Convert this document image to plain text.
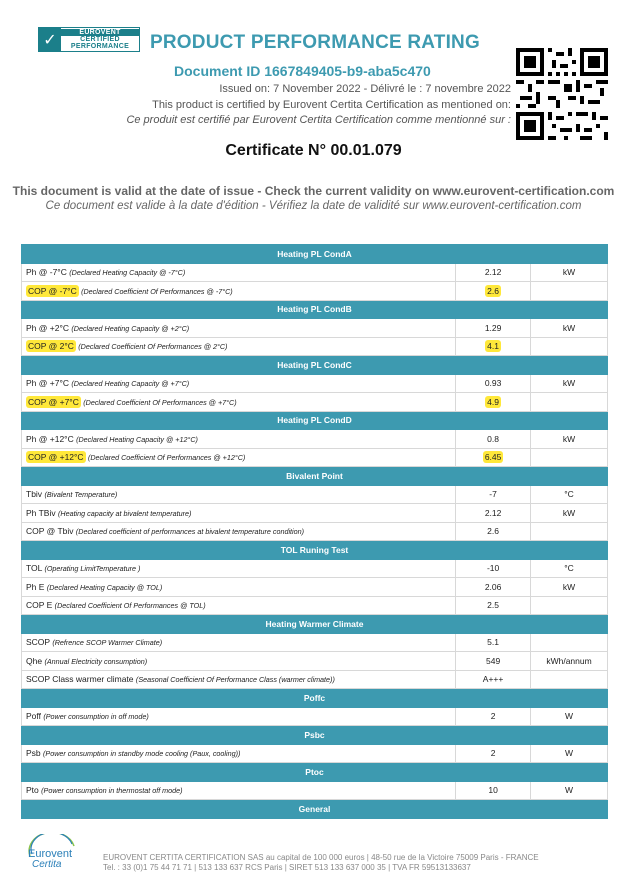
✓	EUROVENT
CERTIFIED
PERFORMANCE	PRODUCT PERFORMANCE RATING
Document ID 1667849405-b9-aba5c470
Issued on: 7 November 2022 - Délivré le : 7 novembre 2022
This product is certified by Eurovent Certita Certification as mentioned on:
Ce produit est certifié par Eurovent Certita Certification comme mentionné sur :
Certificate N° 00.01.079
This document is valid at the date of issue - Check the current validity on www.eurovent-certification.com
Ce document est valide à la date d'édition - Vérifiez la date de validité sur www.eurovent-certification.com
Heating PL CondA		
Ph @ -7°C (Declared Heating Capacity @ -7°C)	2.12	kW
COP @ -7°C (Declared Coefficient Of Performances @ -7°C)	2.6	
Heating PL CondB		
Ph @ +2°C (Declared Heating Capacity @ +2°C)	1.29	kW
COP @ 2°C (Declared Coefficient Of Performances @ 2°C)	4.1	
Heating PL CondC		
Ph @ +7°C (Declared Heating Capacity @ +7°C)	0.93	kW
COP @ +7°C (Declared Coefficient Of Performances @ +7°C)	4.9	
Heating PL CondD		
Ph @ +12°C (Declared Heating Capacity @ +12°C)	0.8	kW
COP @ +12°C (Declared Coefficient Of Performances @ +12°C)	6.45	
Bivalent Point		
Tbiv (Bivalent Temperature)	-7	°C
Ph TBiv (Heating capacity at bivalent temperature)	2.12	kW
COP @ Tbiv (Declared coefficient of performances at bivalent temperature condition)	2.6	
TOL Runing Test		
TOL (Operating LimitTemperature )	-10	°C
Ph E (Declared Heating Capacity @ TOL)	2.06	kW
COP E (Declared Coefficient Of Performances @ TOL)	2.5	
Heating Warmer Climate		
SCOP (Refrence SCOP Warmer Climate)	5.1	
Qhe (Annual Electricity consumption)	549	kWh/annum
SCOP Class warmer climate (Seasonal Coefficient Of Performance Class (warmer climate))	A+++	
Poffc		
Poff (Power consumption in off mode)	2	W
Psbc		
Psb (Power consumption in standby mode cooling (Paux, cooling))	2	W
Ptoc		
Pto (Power consumption in thermostat off mode)	10	W
General		
Eurovent
Certita
EUROVENT CERTITA CERTIFICATION SAS au capital de 100 000 euros | 48-50 rue de la Victoire 75009 Paris - FRANCE
Tel. : 33 (0)1 75 44 71 71 | 513 133 637 RCS Paris | SIRET 513 133 637 000 35 | TVA FR 59513133637
